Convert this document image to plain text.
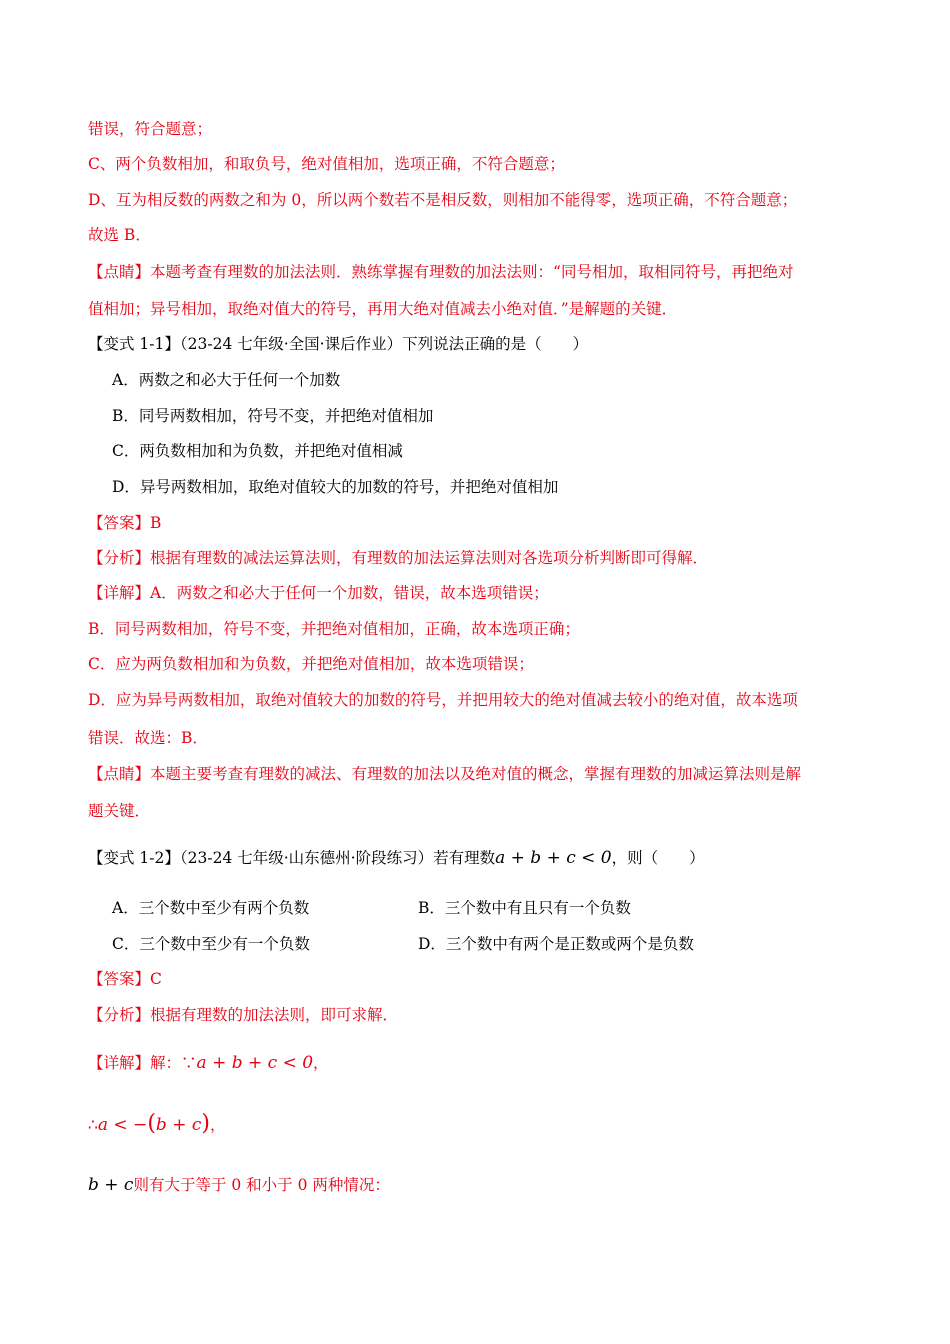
错误，符合题意；
C、两个负数相加，和取负号，绝对值相加，选项正确，不符合题意；
D、互为相反数的两数之和为 0，所以两个数若不是相反数，则相加不能得零，选项正确，不符合题意；
故选 B．
【点睛】本题考查有理数的加法法则．熟练掌握有理数的加法法则：“同号相加，取相同符号，再把绝对
值相加；异号相加，取绝对值大的符号，再用大绝对值减去小绝对值．”是解题的关键．
【变式 1-1】（23-24 七年级·全国·课后作业）下列说法正确的是（　　）
A．两数之和必大于任何一个加数
B．同号两数相加，符号不变，并把绝对值相加
C．两负数相加和为负数，并把绝对值相减
D．异号两数相加，取绝对值较大的加数的符号，并把绝对值相加
【答案】B
【分析】根据有理数的减法运算法则，有理数的加法运算法则对各选项分析判断即可得解．
【详解】A．两数之和必大于任何一个加数，错误，故本选项错误；
B．同号两数相加，符号不变，并把绝对值相加，正确，故本选项正确；
C．应为两负数相加和为负数，并把绝对值相加，故本选项错误；
D．应为异号两数相加，取绝对值较大的加数的符号，并把用较大的绝对值减去较小的绝对值，故本选项
错误．故选：B．
【点睛】本题主要考查有理数的减法、有理数的加法以及绝对值的概念，掌握有理数的加减运算法则是解
题关键．
【变式 1-2】（23-24 七年级·山东德州·阶段练习）若有理数a + b + c < 0，则（　　）
A．三个数中至少有两个负数	B．三个数中有且只有一个负数
C．三个数中至少有一个负数	D．三个数中有两个是正数或两个是负数
【答案】C
【分析】根据有理数的加法法则，即可求解．
【详解】解：∵a + b + c < 0，
∴a < −(b + c)，
b + c则有大于等于 0 和小于 0 两种情况：
